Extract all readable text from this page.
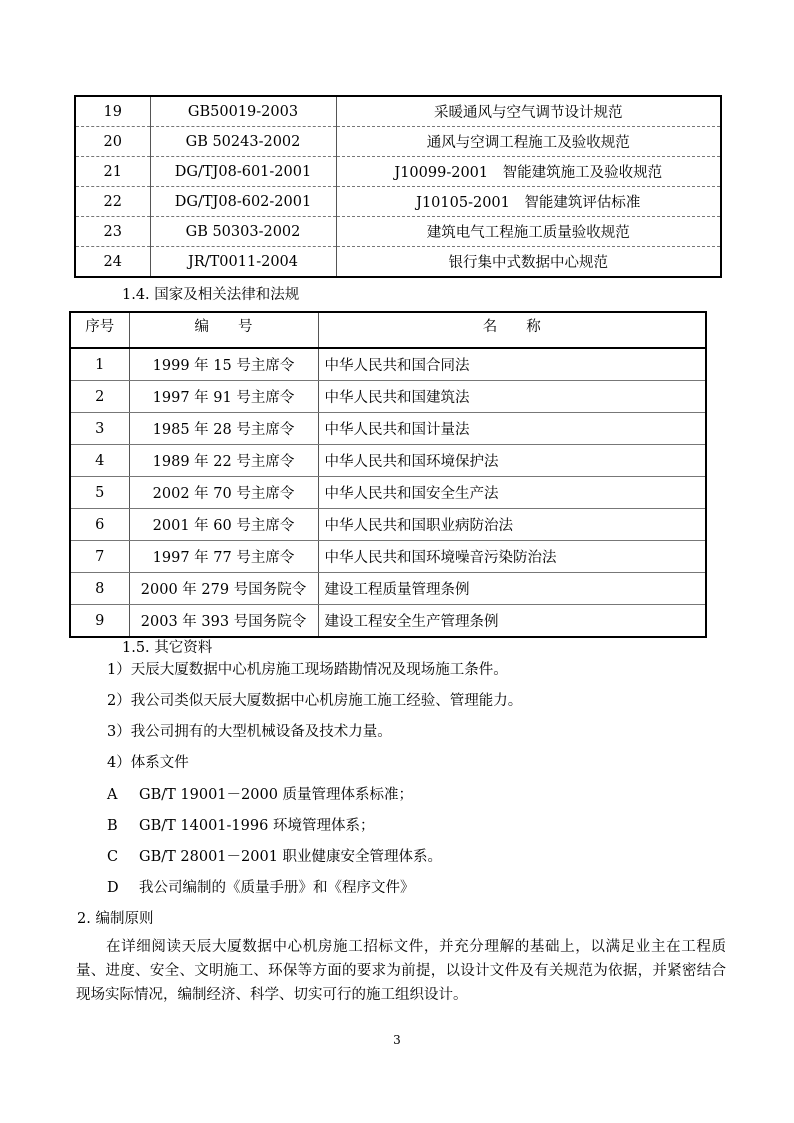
19	GB50019-2003	采暖通风与空气调节设计规范
20	GB 50243-2002	通风与空调工程施工及验收规范
21	DG/TJ08-601-2001	J10099-2001　智能建筑施工及验收规范
22	DG/TJ08-602-2001	J10105-2001　智能建筑评估标准
23	GB 50303-2002	建筑电气工程施工质量验收规范
24	JR/T0011-2004	银行集中式数据中心规范
1.4. 国家及相关法律和法规
序号	编　　号	名　　称
1	1999 年 15 号主席令	中华人民共和国合同法
2	1997 年 91 号主席令	中华人民共和国建筑法
3	1985 年 28 号主席令	中华人民共和国计量法
4	1989 年 22 号主席令	中华人民共和国环境保护法
5	2002 年 70 号主席令	中华人民共和国安全生产法
6	2001 年 60 号主席令	中华人民共和国职业病防治法
7	1997 年 77 号主席令	中华人民共和国环境噪音污染防治法
8	2000 年 279 号国务院令	建设工程质量管理条例
9	2003 年 393 号国务院令	建设工程安全生产管理条例
1.5. 其它资料
1）天辰大厦数据中心机房施工现场踏勘情况及现场施工条件。
2）我公司类似天辰大厦数据中心机房施工施工经验、管理能力。
3）我公司拥有的大型机械设备及技术力量。
4）体系文件
A GB/T 19001－2000 质量管理体系标准；
B GB/T 14001-1996 环境管理体系；
C GB/T 28001－2001 职业健康安全管理体系。
D 我公司编制的《质量手册》和《程序文件》
2. 编制原则
在详细阅读天辰大厦数据中心机房施工招标文件，并充分理解的基础上，以满足业主在工程质量、进度、安全、文明施工、环保等方面的要求为前提，以设计文件及有关规范为依据，并紧密结合现场实际情况，编制经济、科学、切实可行的施工组织设计。
3
